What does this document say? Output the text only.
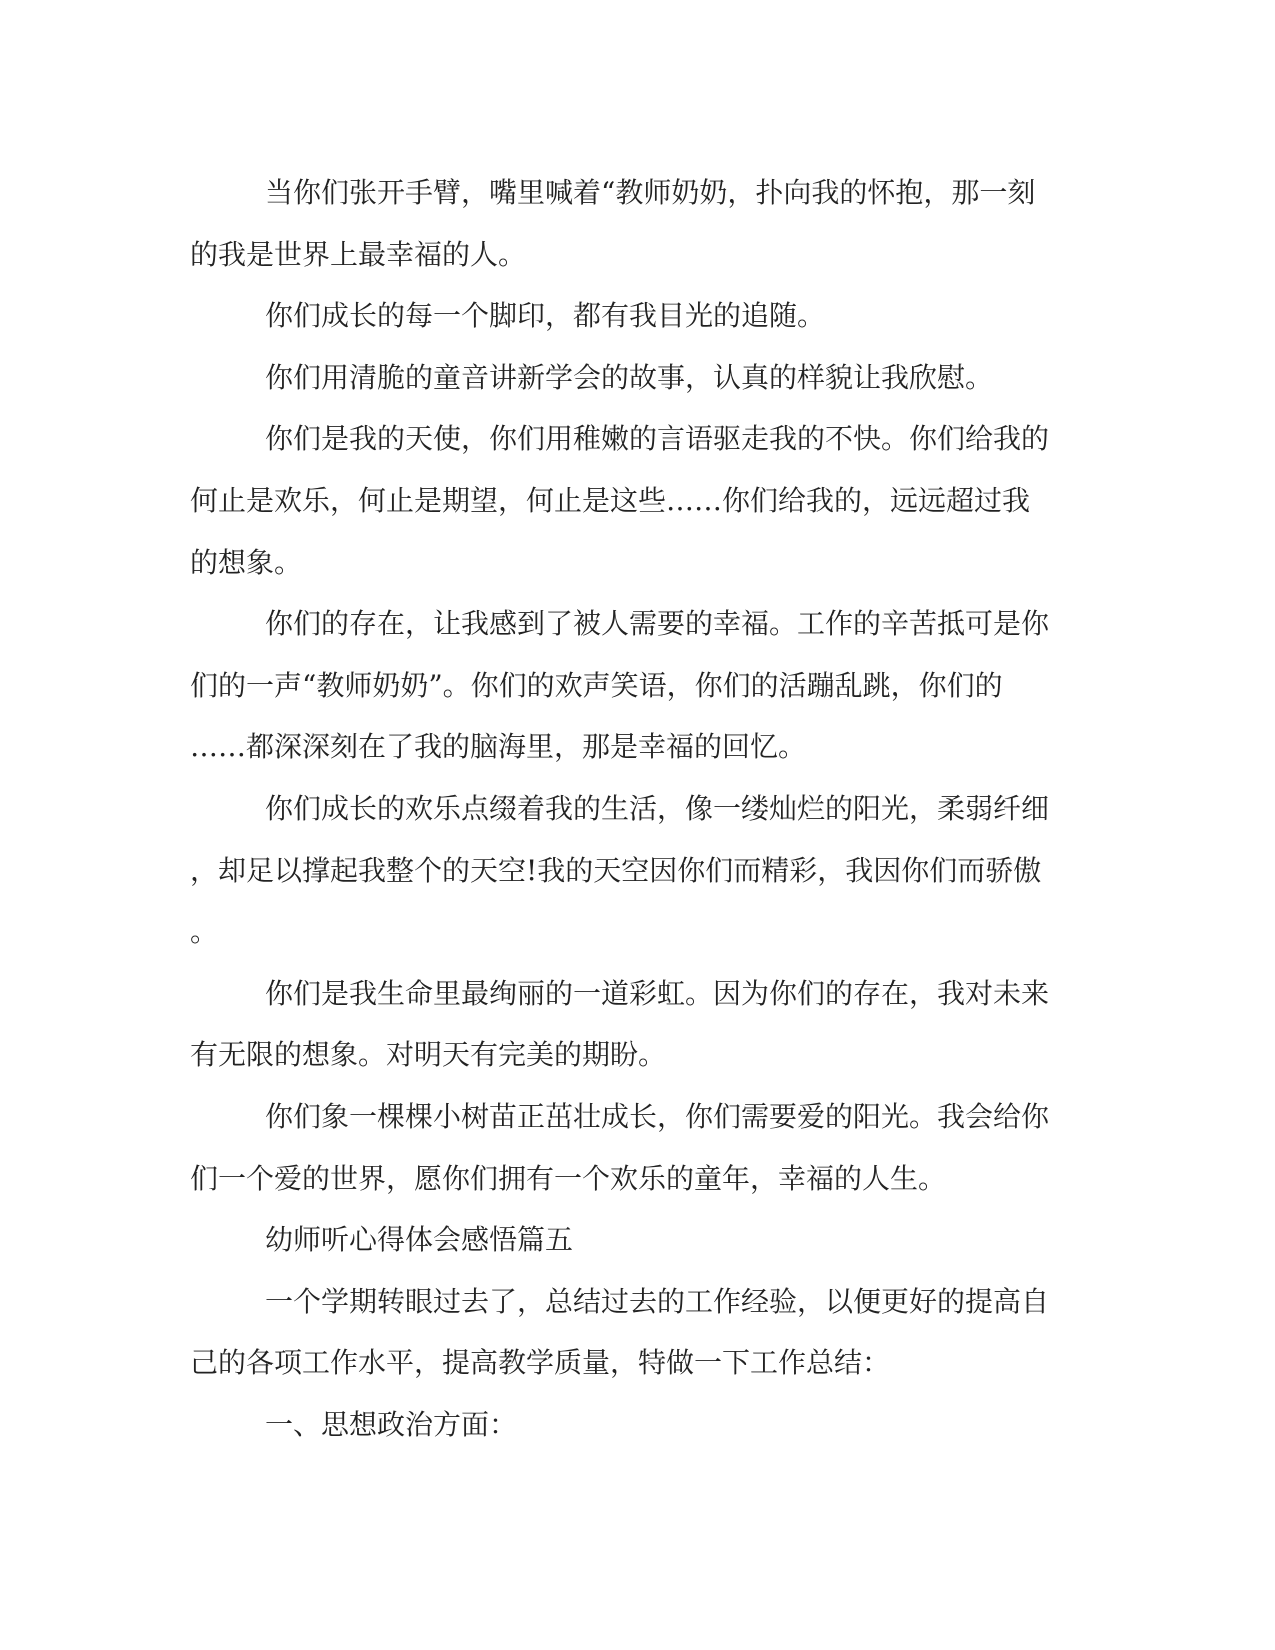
当你们张开手臂，嘴里喊着“教师奶奶，扑向我的怀抱，那一刻
的我是世界上最幸福的人。

你们成长的每一个脚印，都有我目光的追随。

你们用清脆的童音讲新学会的故事，认真的样貌让我欣慰。

你们是我的天使，你们用稚嫩的言语驱走我的不快。你们给我的
何止是欢乐，何止是期望，何止是这些……你们给我的，远远超过我
的想象。

你们的存在，让我感到了被人需要的幸福。工作的辛苦抵可是你
们的一声“教师奶奶”。你们的欢声笑语，你们的活蹦乱跳，你们的
……都深深刻在了我的脑海里，那是幸福的回忆。

你们成长的欢乐点缀着我的生活，像一缕灿烂的阳光，柔弱纤细
，却足以撑起我整个的天空!我的天空因你们而精彩，我因你们而骄傲
。

你们是我生命里最绚丽的一道彩虹。因为你们的存在，我对未来
有无限的想象。对明天有完美的期盼。

你们象一棵棵小树苗正茁壮成长，你们需要爱的阳光。我会给你
们一个爱的世界，愿你们拥有一个欢乐的童年，幸福的人生。

幼师听心得体会感悟篇五

一个学期转眼过去了，总结过去的工作经验，以便更好的提高自
己的各项工作水平，提高教学质量，特做一下工作总结：

一、思想政治方面：
